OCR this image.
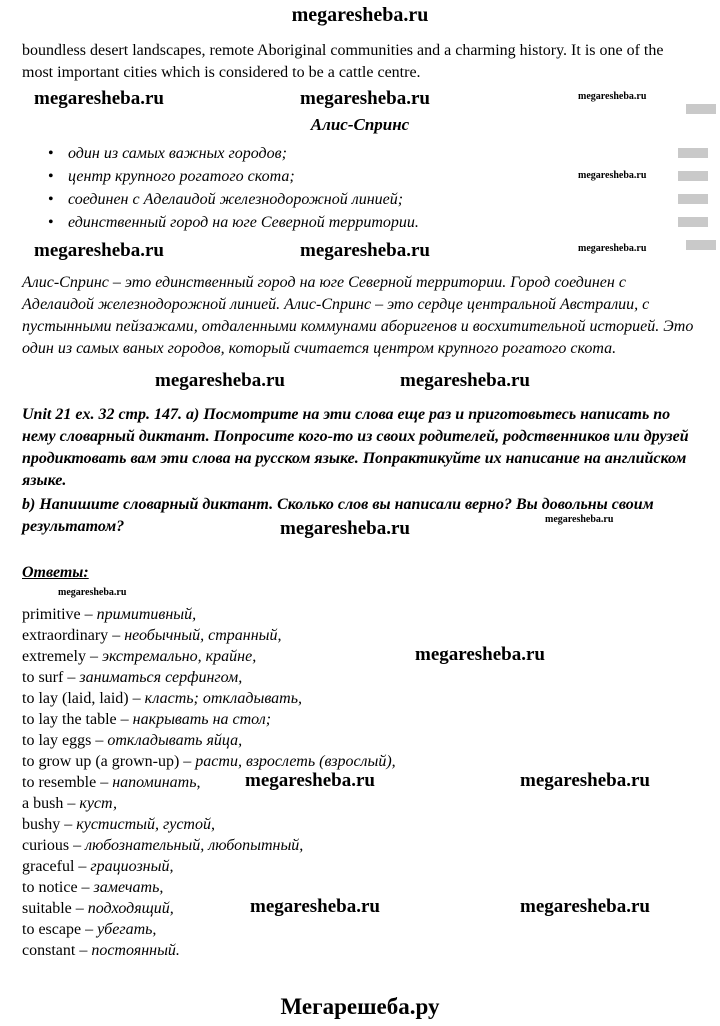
megaresheba.ru

boundless desert landscapes, remote Aboriginal communities and a charming history. It is one of the most important cities which is considered to be a cattle centre.

megaresheba.ru	megaresheba.ru	megaresheba.ru
Алис-Спринс
• один из самых важных городов;
• центр крупного рогатого скота;
• соединен с Аделаидой железнодорожной линией;
• единственный город на юге Северной территории.
megaresheba.ru	megaresheba.ru	megaresheba.ru

Алис-Спринс – это единственный город на юге Северной территории. Город соединен с Аделаидой железнодорожной линией. Алис-Спринс – это сердце центральной Австралии, с пустынными пейзажами, отдаленными коммунами аборигенов и восхитительной историей. Это один из самых ваных городов, который считается центром крупного рогатого скота.

megaresheba.ru	megaresheba.ru

Unit 21 ex. 32 стр. 147. a) Посмотрите на эти слова еще раз и приготовьтесь написать по нему словарный диктант. Попросите кого-то из своих родителей, родственников или друзей продиктовать вам эти слова на русском языке. Попрактикуйте их написание на английском языке.

b) Напишите словарный диктант. Сколько слов вы написали верно? Вы довольны своим результатом?	megaresheba.ru	megaresheba.ru
Ответы:
megaresheba.ru
primitive – примитивный,
extraordinary – необычный, странный,
extremely – экстремально, крайне,	megaresheba.ru
to surf – заниматься серфингом,
to lay (laid, laid) – класть; откладывать,
to lay the table – накрывать на стол;
to lay eggs – откладывать яйца,
to grow up (a grown-up) – расти, взрослеть (взрослый),
to resemble – напоминать, megaresheba.ru	megaresheba.ru
a bush – куст,
bushy – кустистый, густой,
curious – любознательный, любопытный,
graceful – грациозный,
to notice – замечать,
suitable – подходящий,	megaresheba.ru	megaresheba.ru
to escape – убегать,
constant – постоянный.
megaresheba.ru
Мегарешеба.ру
